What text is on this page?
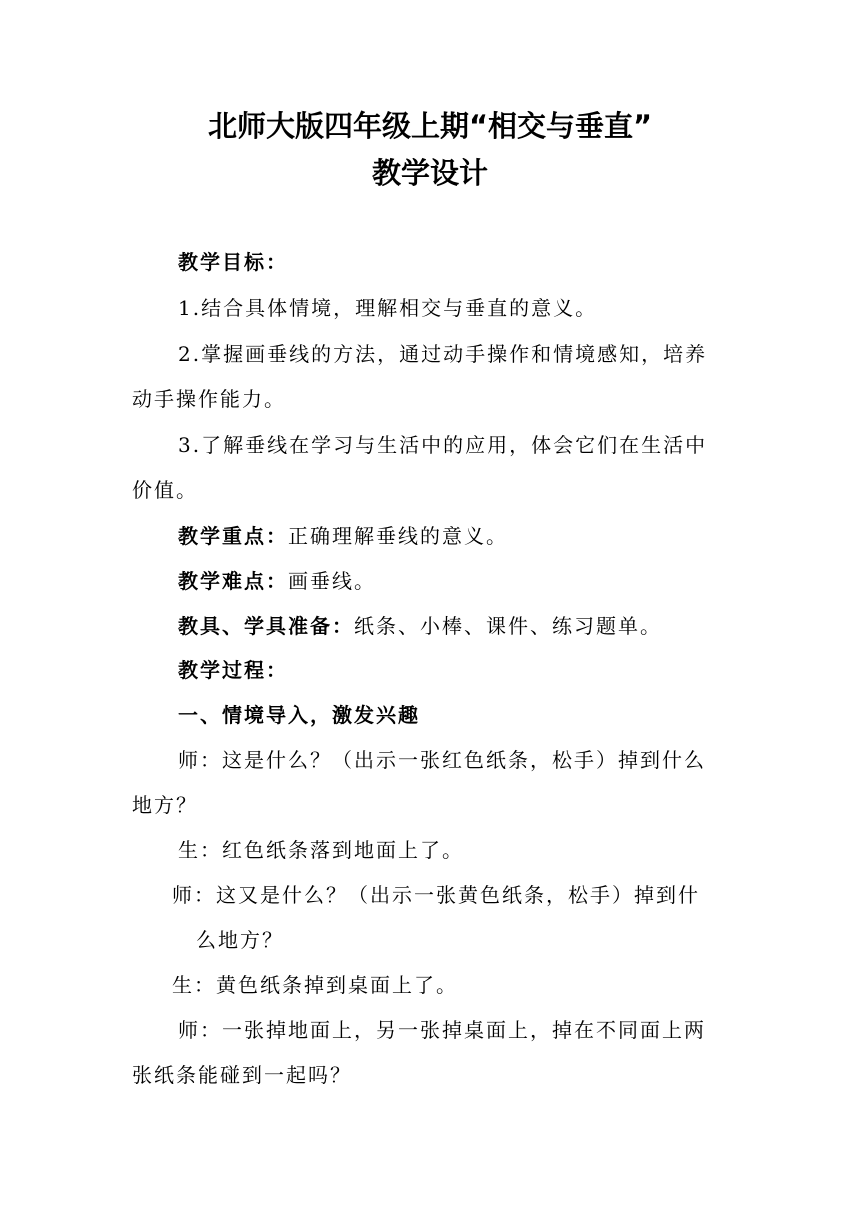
北师大版四年级上期“相交与垂直”
教学设计
教学目标：
1.结合具体情境，理解相交与垂直的意义。
2.掌握画垂线的方法，通过动手操作和情境感知，培养
动手操作能力。
3.了解垂线在学习与生活中的应用，体会它们在生活中
价值。
教学重点：正确理解垂线的意义。
教学难点：画垂线。
教具、学具准备：纸条、小棒、课件、练习题单。
教学过程：
一、情境导入，激发兴趣
师：这是什么？（出示一张红色纸条，松手）掉到什么
地方？
生：红色纸条落到地面上了。
师：这又是什么？（出示一张黄色纸条，松手）掉到什
么地方？
生：黄色纸条掉到桌面上了。
师：一张掉地面上，另一张掉桌面上，掉在不同面上两
张纸条能碰到一起吗？
